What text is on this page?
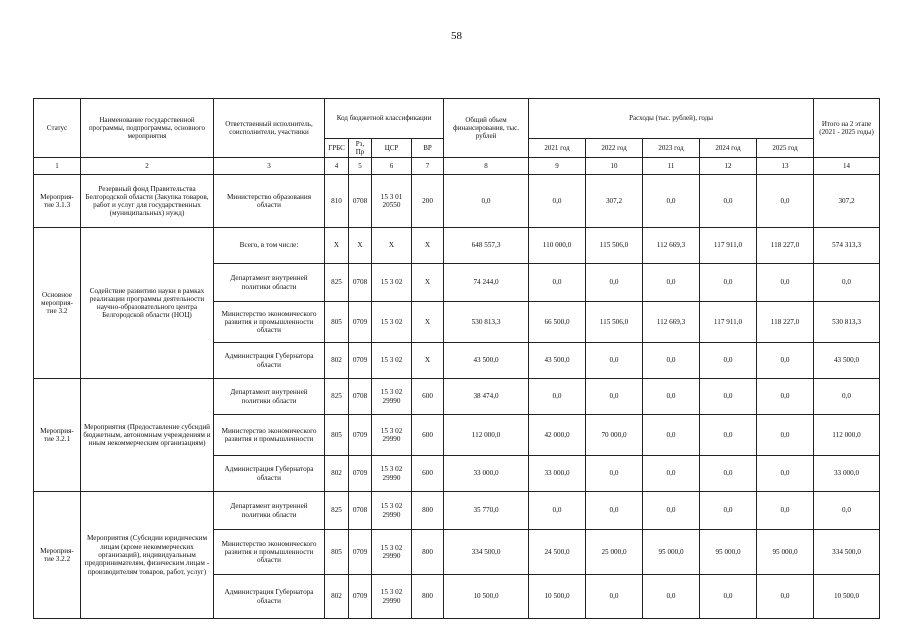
58
Статус	Наименование государственной программы, подпрограммы, основного мероприятия	Ответственный исполнитель, соисполнители, участники	Код бюджетной классификации				Общий объем финансирования, тыс. рублей	Расходы (тыс. рублей), годы					Итого на 2 этапе (2021 - 2025 годы)
			ГРБС	Рз, Пр	ЦСР	ВР		2021 год	2022 год	2023 год	2024 год	2025 год	
1	2	3	4	5	6	7	8	9	10	11	12	13	14
Мероприя-тие 3.1.3	Резервный фонд Правительства Белгородской области (Закупка товаров, работ и услуг для государственных (муниципальных) нужд)	Министерство образования области	810	0708	15 3 01 20550	200	0,0	0,0	307,2	0,0	0,0	0,0	307,2
Основное мероприя-тие 3.2	Содействие развитию науки в рамках реализации программы деятельности научно-образовательного центра Белгородской области (НОЦ)	Всего, в том числе:	X	X	X	X	648 557,3	110 000,0	115 506,0	112 669,3	117 911,0	118 227,0	574 313,3
		Департамент внутренней политики области	825	0708	15 3 02	X	74 244,0	0,0	0,0	0,0	0,0	0,0	0,0
		Министерство экономического развития и промышленности области	805	0709	15 3 02	X	530 813,3	66 500,0	115 506,0	112 669,3	117 911,0	118 227,0	530 813,3
		Администрация Губернатора области	802	0709	15 3 02	X	43 500,0	43 500,0	0,0	0,0	0,0	0,0	43 500,0
Мероприя-тие 3.2.1	Мероприятия (Предоставление субсидий бюджетным, автономным учреждениям и иным некоммерческим организациям)	Департамент внутренней политики области	825	0708	15 3 02 29990	600	38 474,0	0,0	0,0	0,0	0,0	0,0	0,0
		Министерство экономического развития и промышленности	805	0709	15 3 02 29990	600	112 000,0	42 000,0	70 000,0	0,0	0,0	0,0	112 000,0
		Администрация Губернатора области	802	0709	15 3 02 29990	600	33 000,0	33 000,0	0,0	0,0	0,0	0,0	33 000,0
Мероприя-тие 3.2.2	Мероприятия (Субсидии юридическим лицам (кроме некоммерческих организаций), индивидуальным предпринимателям, физическим лицам - производителям товаров, работ, услуг)	Департамент внутренней политики области	825	0708	15 3 02 29990	800	35 770,0	0,0	0,0	0,0	0,0	0,0	0,0
		Министерство экономического развития и промышленности области	805	0709	15 3 02 29990	800	334 500,0	24 500,0	25 000,0	95 000,0	95 000,0	95 000,0	334 500,0
		Администрация Губернатора области	802	0709	15 3 02 29990	800	10 500,0	10 500,0	0,0	0,0	0,0	0,0	10 500,0
